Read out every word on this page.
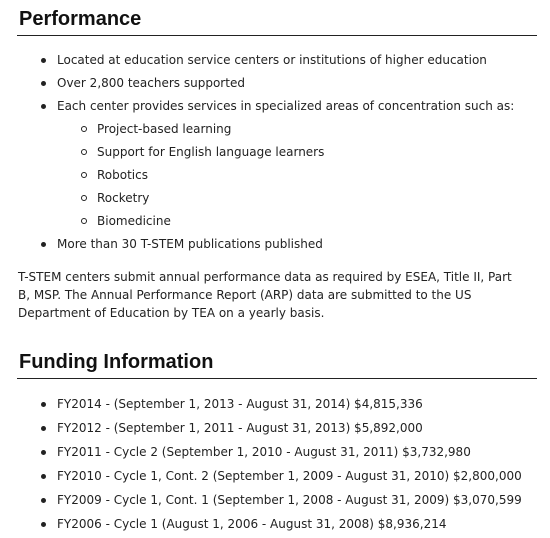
Performance
Located at education service centers or institutions of higher education
Over 2,800 teachers supported
Each center provides services in specialized areas of concentration such as:
Project-based learning
Support for English language learners
Robotics
Rocketry
Biomedicine
More than 30 T-STEM publications published

T-STEM centers submit annual performance data as required by ESEA, Title II, Part B, MSP. The Annual Performance Report (ARP) data are submitted to the US Department of Education by TEA on a yearly basis.

Funding Information
FY2014 - (September 1, 2013 - August 31, 2014) $4,815,336
FY2012 - (September 1, 2011 - August 31, 2013) $5,892,000
FY2011 - Cycle 2 (September 1, 2010 - August 31, 2011) $3,732,980
FY2010 - Cycle 1, Cont. 2 (September 1, 2009 - August 31, 2010) $2,800,000
FY2009 - Cycle 1, Cont. 1 (September 1, 2008 - August 31, 2009) $3,070,599
FY2006 - Cycle 1 (August 1, 2006 - August 31, 2008) $8,936,214
